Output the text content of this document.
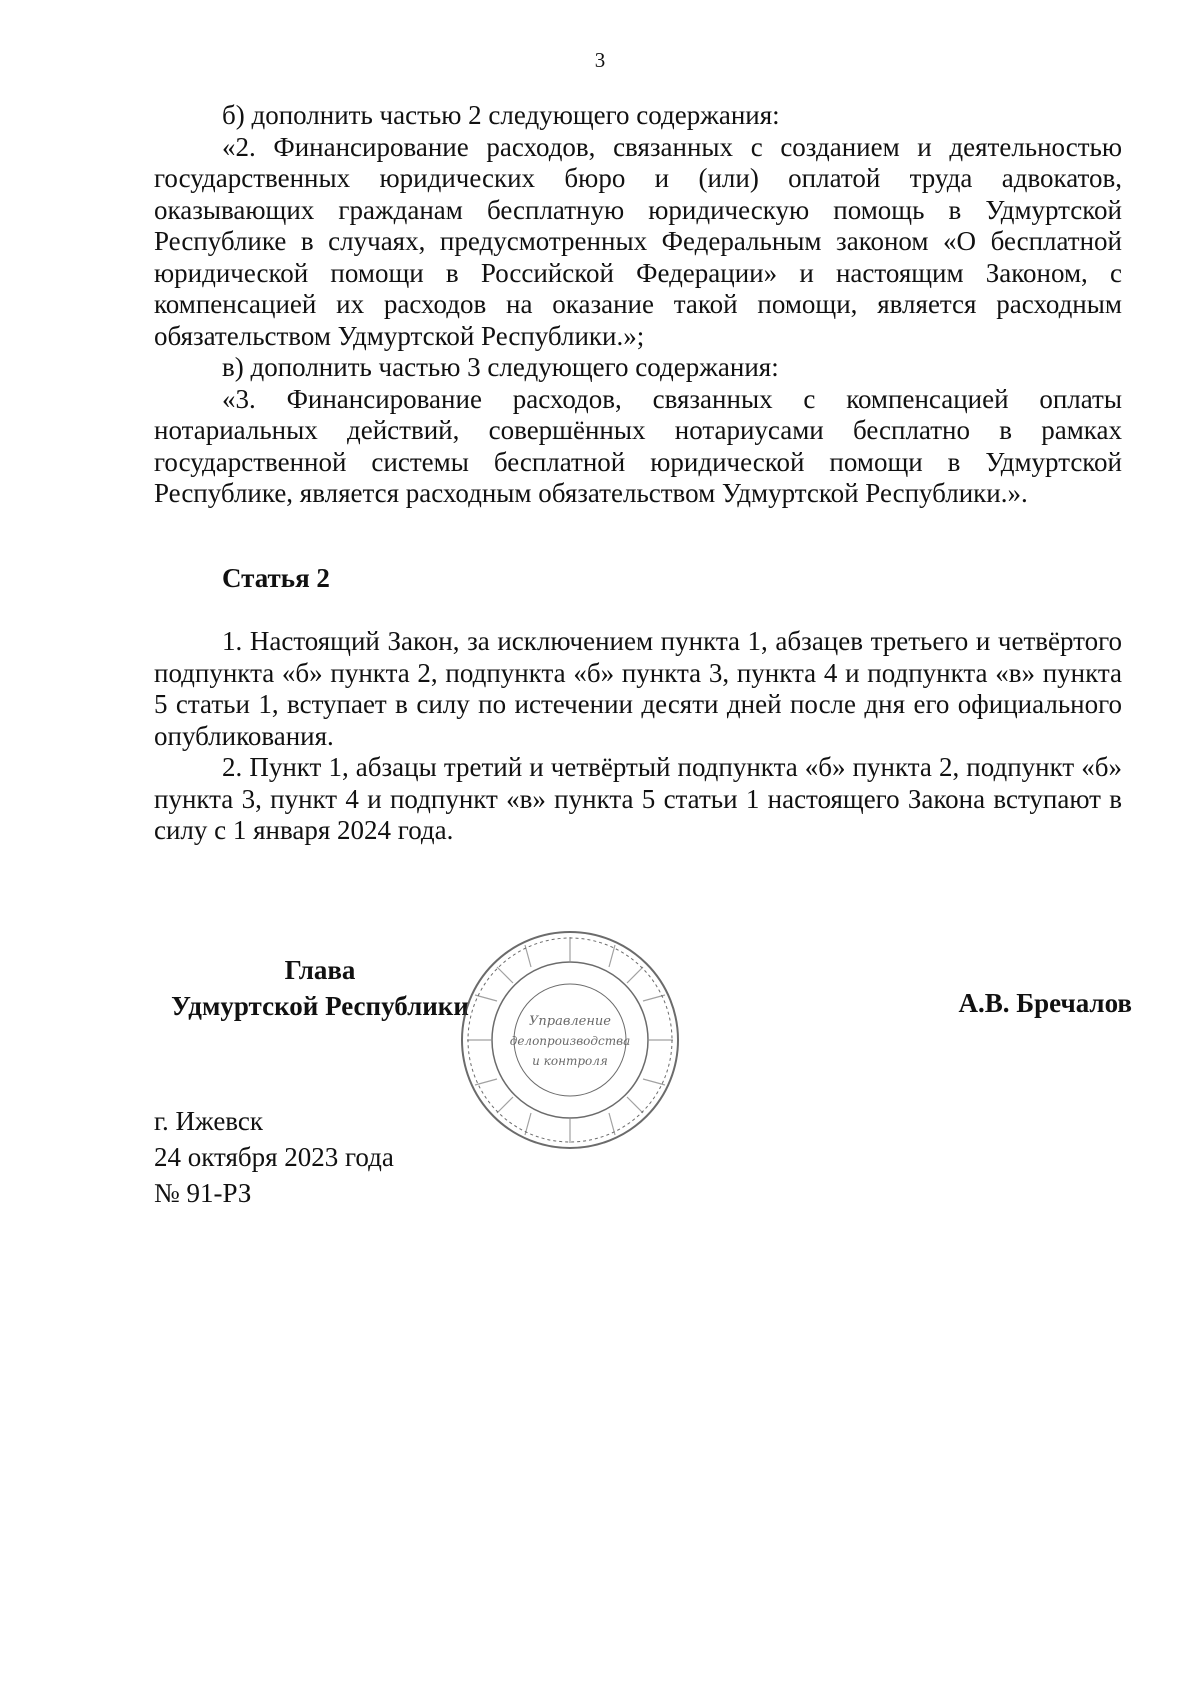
3

б) дополнить частью 2 следующего содержания:

«2. Финансирование расходов, связанных с созданием и деятельностью государственных юридических бюро и (или) оплатой труда адвокатов, оказывающих гражданам бесплатную юридическую помощь в Удмуртской Республике в случаях, предусмотренных Федеральным законом «О бесплатной юридической помощи в Российской Федерации» и настоящим Законом, с компенсацией их расходов на оказание такой помощи, является расходным обязательством Удмуртской Республики.»;

в) дополнить частью 3 следующего содержания:

«3. Финансирование расходов, связанных с компенсацией оплаты нотариальных действий, совершённых нотариусами бесплатно в рамках государственной системы бесплатной юридической помощи в Удмуртской Республике, является расходным обязательством Удмуртской Республики.».

Статья 2

1. Настоящий Закон, за исключением пункта 1, абзацев третьего и четвёртого подпункта «б» пункта 2, подпункта «б» пункта 3, пункта 4 и подпункта «в» пункта 5 статьи 1, вступает в силу по истечении десяти дней после дня его официального опубликования.

2. Пункт 1, абзацы третий и четвёртый подпункта «б» пункта 2, подпункт «б» пункта 3, пункт 4 и подпункт «в» пункта 5 статьи 1 настоящего Закона вступают в силу с 1 января 2024 года.

Глава
Удмуртской Республики	А.В. Бречалов
Управление
делопроизводства
и контроля
г. Ижевск
24 октября 2023 года
№ 91-РЗ
